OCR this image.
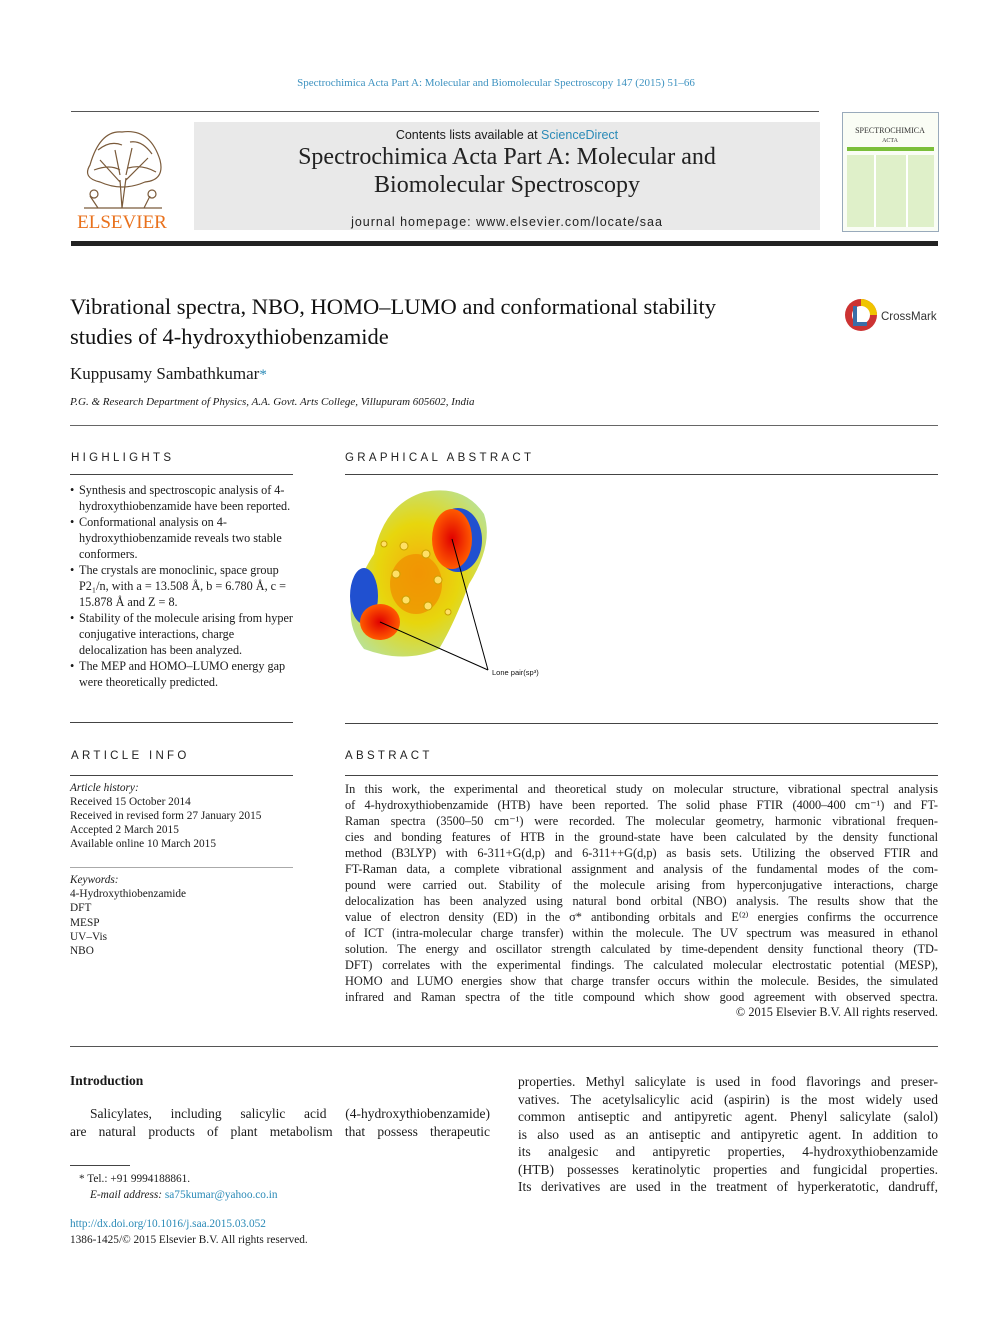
Spectrochimica Acta Part A: Molecular and Biomolecular Spectroscopy 147 (2015) 51–66
ELSEVIER
Contents lists available at ScienceDirect
Spectrochimica Acta Part A: Molecular and
Biomolecular Spectroscopy
journal homepage: www.elsevier.com/locate/saa
SPECTROCHIMICA
ACTA
Vibrational spectra, NBO, HOMO–LUMO and conformational stability
studies of 4-hydroxythiobenzamide
CrossMark
Kuppusamy Sambathkumar*
P.G. & Research Department of Physics, A.A. Govt. Arts College, Villupuram 605602, India
HIGHLIGHTS
• Synthesis and spectroscopic analysis of 4-hydroxythiobenzamide have been reported.
• Conformational analysis on 4-hydroxythiobenzamide reveals two stable conformers.
• The crystals are monoclinic, space group P2₁/n, with a = 13.508 Å, b = 6.780 Å, c = 15.878 Å and Z = 8.
• Stability of the molecule arising from hyper conjugative interactions, charge delocalization has been analyzed.
• The MEP and HOMO–LUMO energy gap were theoretically predicted.
GRAPHICAL ABSTRACT
Lone pair(sp³)
ARTICLE INFO
Article history:
Received 15 October 2014
Received in revised form 27 January 2015
Accepted 2 March 2015
Available online 10 March 2015
Keywords:
4-Hydroxythiobenzamide
DFT
MESP
UV–Vis
NBO
ABSTRACT
In this work, the experimental and theoretical study on molecular structure, vibrational spectral analysis
of 4-hydroxythiobenzamide (HTB) have been reported. The solid phase FTIR (4000–400 cm⁻¹) and FT-
Raman spectra (3500–50 cm⁻¹) were recorded. The molecular geometry, harmonic vibrational frequen-
cies and bonding features of HTB in the ground-state have been calculated by the density functional
method (B3LYP) with 6-311+G(d,p) and 6-311++G(d,p) as basis sets. Utilizing the observed FTIR and
FT-Raman data, a complete vibrational assignment and analysis of the fundamental modes of the com-
pound were carried out. Stability of the molecule arising from hyperconjugative interactions, charge
delocalization has been analyzed using natural bond orbital (NBO) analysis. The results show that the
value of electron density (ED) in the σ* antibonding orbitals and E⁽²⁾ energies confirms the occurrence
of ICT (intra-molecular charge transfer) within the molecule. The UV spectrum was measured in ethanol
solution. The energy and oscillator strength calculated by time-dependent density functional theory (TD-
DFT) correlates with the experimental findings. The calculated molecular electrostatic potential (MESP),
HOMO and LUMO energies show that charge transfer occurs within the molecule. Besides, the simulated
infrared and Raman spectra of the title compound which show good agreement with observed spectra.
© 2015 Elsevier B.V. All rights reserved.
Introduction
Salicylates, including salicylic acid (4-hydroxythiobenzamide)
are natural products of plant metabolism that possess therapeutic
properties. Methyl salicylate is used in food flavorings and preser-
vatives. The acetylsalicylic acid (aspirin) is the most widely used
common antiseptic and antipyretic agent. Phenyl salicylate (salol)
is also used as an antiseptic and antipyretic agent. In addition to
its analgesic and antipyretic properties, 4-hydroxythiobenzamide
(HTB) possesses keratinolytic properties and fungicidal properties.
Its derivatives are used in the treatment of hyperkeratotic, dandruff,
* Tel.: +91 9994188861.
E-mail address: sa75kumar@yahoo.co.in
http://dx.doi.org/10.1016/j.saa.2015.03.052
1386-1425/© 2015 Elsevier B.V. All rights reserved.
